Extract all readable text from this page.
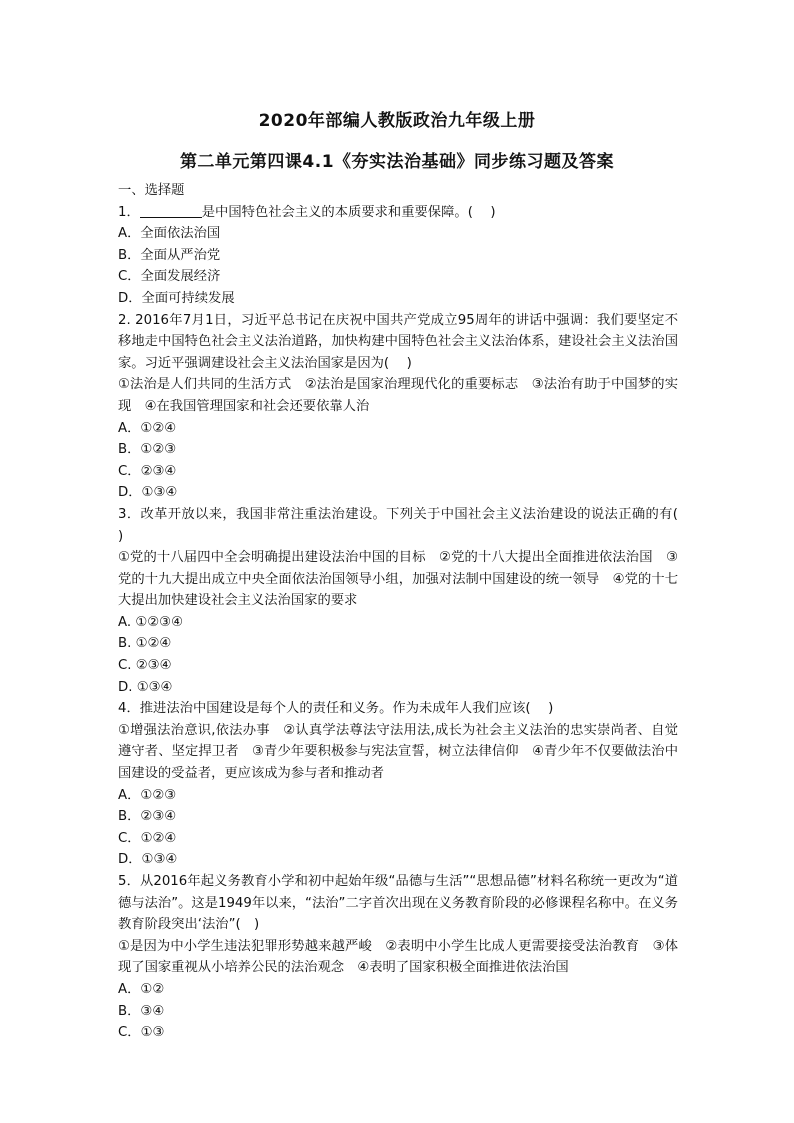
2020年部编人教版政治九年级上册
第二单元第四课4.1《夯实法治基础》同步练习题及答案

一、选择题

1．	是中国特色社会主义的本质要求和重要保障。(　 )

A．全面依法治国

B．全面从严治党

C．全面发展经济

D．全面可持续发展

2. 2016年7月1日，习近平总书记在庆祝中国共产党成立95周年的讲话中强调：我们要坚定不移地走中国特色社会主义法治道路，加快构建中国特色社会主义法治体系，建设社会主义法治国家。习近平强调建设社会主义法治国家是因为(　 )

①法治是人们共同的生活方式　②法治是国家治理现代化的重要标志　③法治有助于中国梦的实现　④在我国管理国家和社会还要依靠人治

A．①②④

B．①②③

C．②③④

D．①③④

3．改革开放以来，我国非常注重法治建设。下列关于中国社会主义法治建设的说法正确的有(　 )

①党的十八届四中全会明确提出建设法治中国的目标　②党的十八大提出全面推进依法治国　③党的十九大提出成立中央全面依法治国领导小组，加强对法制中国建设的统一领导　④党的十七大提出加快建设社会主义法治国家的要求

A. ①②③④

B. ①②④

C. ②③④

D. ①③④

4．推进法治中国建设是每个人的责任和义务。作为未成年人我们应该(　 )

①增强法治意识,依法办事　②认真学法尊法守法用法,成长为社会主义法治的忠实崇尚者、自觉遵守者、坚定捍卫者　③青少年要积极参与宪法宣誓，树立法律信仰　④青少年不仅要做法治中国建设的受益者，更应该成为参与者和推动者

A．①②③

B．②③④

C．①②④

D．①③④

5．从2016年起义务教育小学和初中起始年级“品德与生活”“思想品德”材料名称统一更改为“道德与法治”。这是1949年以来，“法治”二字首次出现在义务教育阶段的必修课程名称中。在义务教育阶段突出‘法治”(　)

①是因为中小学生违法犯罪形势越来越严峻　②表明中小学生比成人更需要接受法治教育　③体现了国家重视从小培养公民的法治观念　④表明了国家积极全面推进依法治国

A．①②

B．③④

C．①③
